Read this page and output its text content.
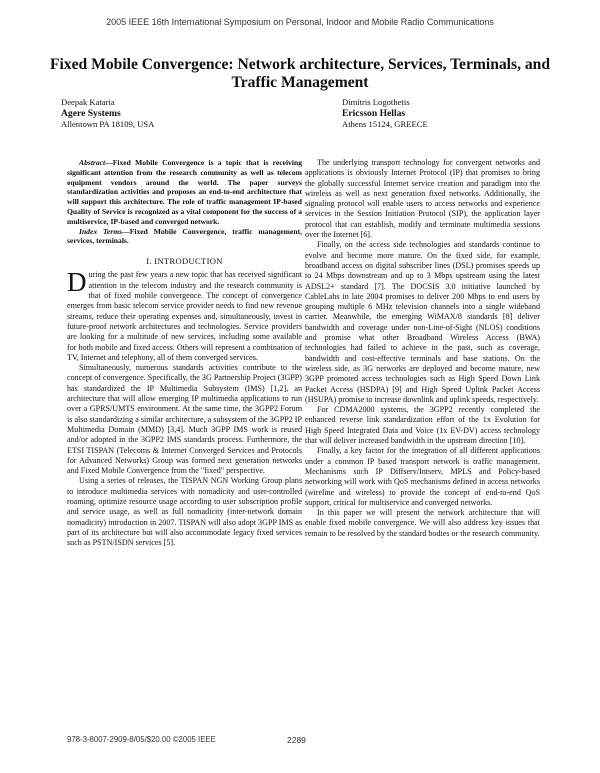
2005 IEEE 16th International Symposium on Personal, Indoor and Mobile Radio Communications
Fixed Mobile Convergence: Network architecture, Services, Terminals, and Traffic Management
Deepak Kataria
Agere Systems
Allentown PA 18109, USA
Dimitris Logothetis
Ericsson Hellas
Athens 15124, GREECE

Abstract—Fixed Mobile Convergence is a topic that is receiving significant attention from the research community as well as telecom equipment vendors around the world. The paper surveys standardization activities and proposes an end-to-end architecture that will support this architecture. The role of traffic management IP-based Quality of Service is recognized as a vital component for the success of a multiservice, IP-based and converged network.

Index Terms—Fixed Mobile Convergence, traffic management, services, terminals.

I. INTRODUCTION

During the past few years a new topic that has received significant attention in the telecom industry and the research community is that of fixed mobile convergence. The concept of convergence emerges from basic telecom service provider needs to find new revenue streams, reduce their operating expenses and, simultaneously, invest in future-proof network architectures and technologies. Service providers are looking for a multitude of new services, including some available for both mobile and fixed access. Others will represent a combination of TV, Internet and telephony, all of them converged services.

Simultaneously, numerous standards activities contribute to the concept of convergence. Specifically, the 3G Partnership Project (3GPP) has standardized the IP Multimedia Subsystem (IMS) [1,2], an architecture that will allow emerging IP multimedia applications to run over a GPRS/UMTS environment. At the same time, the 3GPP2 Forum is also standardizing a similar architecture, a subsystem of the 3GPP2 IP Multimedia Domain (MMD) [3,4]. Much 3GPP IMS work is reused and/or adopted in the 3GPP2 IMS standards process. Furthermore, the ETSI TISPAN (Telecoms & Internet Converged Services and Protocols for Advanced Networks) Group was formed next generation networks and Fixed Mobile Convergence from the "fixed" perspective.

Using a series of releases, the TISPAN NGN Working Group plans to introduce multimedia services with nomadicity and user-controlled roaming, optimize resource usage according to user subscription profile and service usage, as well as full nomadicity (inter-network domain nomadicity) introduction in 2007. TISPAN will also adopt 3GPP IMS as part of its architecture but will also accommodate legacy fixed services such as PSTN/ISDN services [5].

The underlying transport technology for convergent networks and applications is obviously Internet Protocol (IP) that promises to bring the globally successful Internet service creation and paradigm into the wireless as well as next generation fixed networks. Additionally, the signaling protocol will enable users to access networks and experience services in the Session Initiation Protocol (SIP), the application layer protocol that can establish, modify and terminate multimedia sessions over the Internet [6].

Finally, on the access side technologies and standards continue to evolve and become more mature. On the fixed side, for example, broadband access on digital subscriber lines (DSL) promises speeds up to 24 Mbps downstream and up to 3 Mbps upstream using the latest ADSL2+ standard [7]. The DOCSIS 3.0 initiative launched by CableLabs in late 2004 promises to deliver 200 Mbps to end users by grouping multiple 6 MHz television channels into a single wideband carrier. Meanwhile, the emerging WiMAX/8 standards [8] deliver bandwidth and coverage under non-Line-of-Sight (NLOS) conditions and promise what other Broadband Wireless Access (BWA) technologies had failed to achieve in the past, such as coverage, bandwidth and cost-effective terminals and base stations. On the wireless side, as 3G networks are deployed and become mature, new 3GPP promoted access technologies such as High Speed Down Link Packet Access (HSDPA) [9] and High Speed Uplink Packet Access (HSUPA) promise to increase downlink and uplink speeds, respectively.

For CDMA2000 systems, the 3GPP2 recently completed the enhanced reverse link standardization effort of the 1x Evolution for High Speed Integrated Data and Voice (1x EV-DV) access technology that will deliver increased bandwidth in the upstream direction [10].

Finally, a key factor for the integration of all different applications under a common IP based transport network is traffic management. Mechanisms such IP Diffserv/Intserv, MPLS and Policy-based networking will work with QoS mechanisms defined in access networks (wireline and wireless) to provide the concept of end-to-end QoS support, critical for multiservice and converged networks.

In this paper we will present the network architecture that will enable fixed mobile convergence. We will also address key issues that remain to be resolved by the standard bodies or the research community.

978-3-8007-2909-8/05/$20.00 ©2005 IEEE	2289
